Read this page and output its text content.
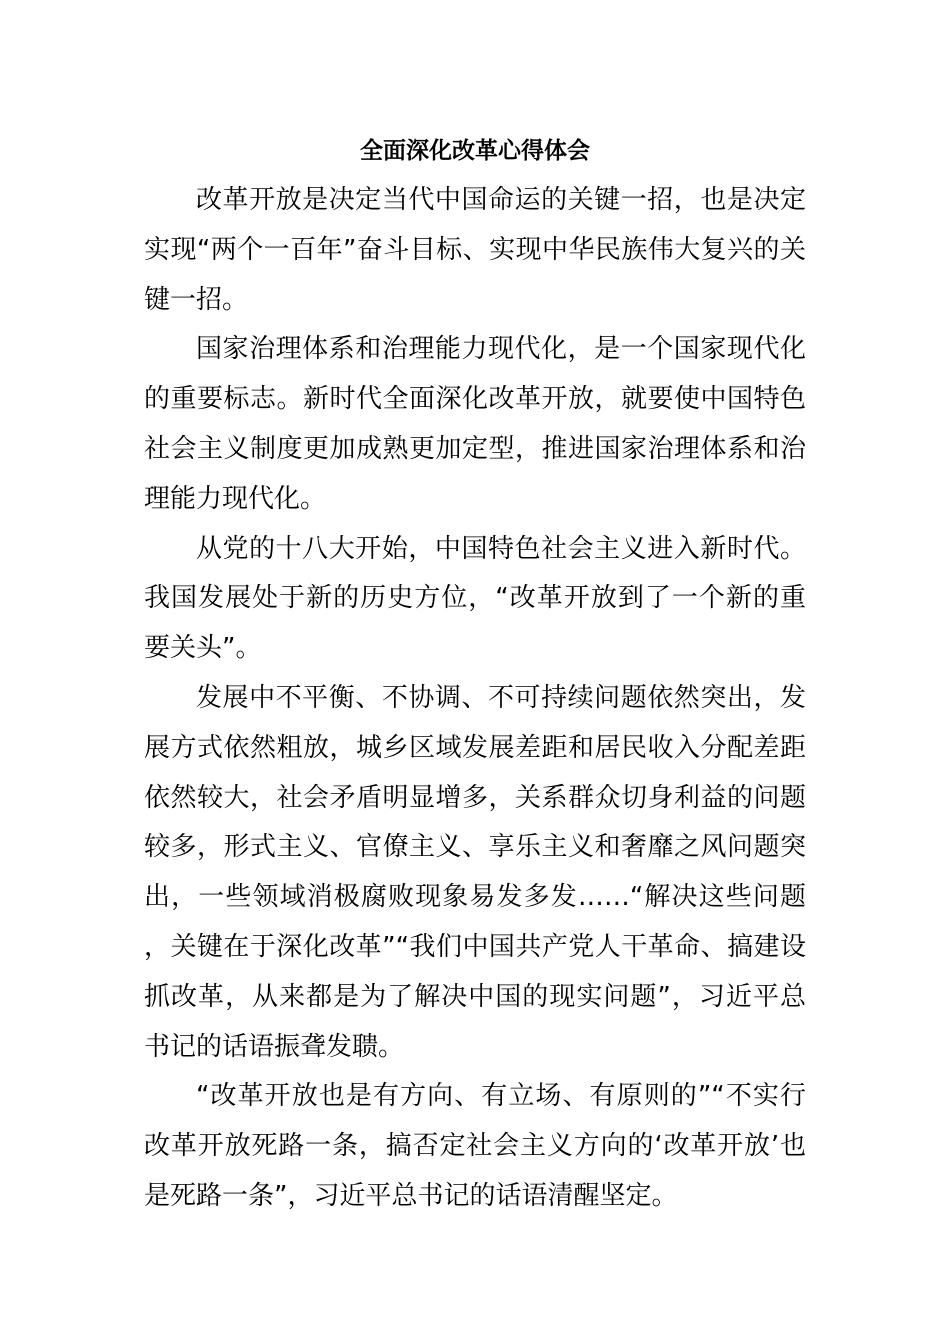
全面深化改革心得体会

改革开放是决定当代中国命运的关键一招，也是决定实现“两个一百年”奋斗目标、实现中华民族伟大复兴的关键一招。

国家治理体系和治理能力现代化，是一个国家现代化的重要标志。新时代全面深化改革开放，就要使中国特色社会主义制度更加成熟更加定型，推进国家治理体系和治理能力现代化。

从党的十八大开始，中国特色社会主义进入新时代。我国发展处于新的历史方位，“改革开放到了一个新的重要关头”。

发展中不平衡、不协调、不可持续问题依然突出，发展方式依然粗放，城乡区域发展差距和居民收入分配差距依然较大，社会矛盾明显增多，关系群众切身利益的问题较多，形式主义、官僚主义、享乐主义和奢靡之风问题突出，一些领域消极腐败现象易发多发……“解决这些问题，关键在于深化改革”“我们中国共产党人干革命、搞建设抓改革，从来都是为了解决中国的现实问题”，习近平总书记的话语振聋发聩。

“改革开放也是有方向、有立场、有原则的”“不实行改革开放死路一条，搞否定社会主义方向的‘改革开放’也是死路一条”，习近平总书记的话语清醒坚定。
